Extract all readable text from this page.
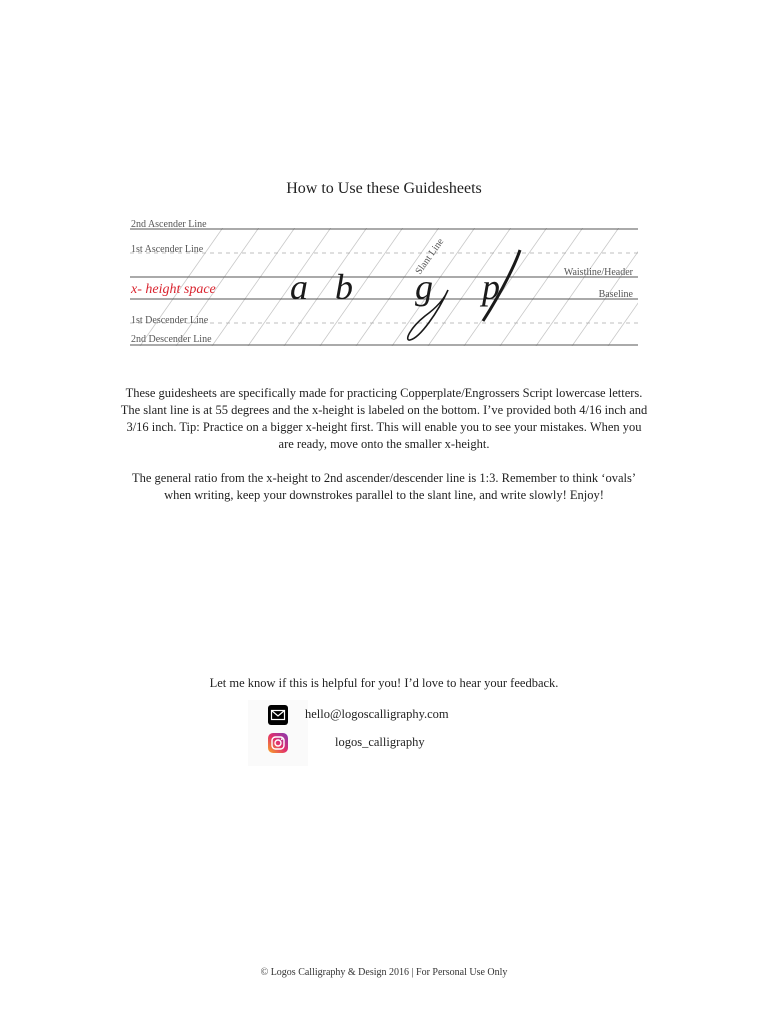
How to Use these Guidesheets
2nd Ascender Line
1st Ascender Line
x- height space
1st Descender Line
2nd Descender Line
Waistline/Header
Baseline
Slant Line
a b g p

These guidesheets are specifically made for practicing Copperplate/Engrossers Script lowercase letters. The slant line is at 55 degrees and the x-height is labeled on the bottom. I’ve provided both 4/16 inch and 3/16 inch. Tip: Practice on a bigger x-height first. This will enable you to see your mistakes. When you are ready, move onto the smaller x-height.

The general ratio from the x-height to 2nd ascender/descender line is 1:3. Remember to think ‘ovals’ when writing, keep your downstrokes parallel to the slant line, and write slowly! Enjoy!

Let me know if this is helpful for you! I’d love to hear your feedback.
hello@logoscalligraphy.com
logos_calligraphy
© Logos Calligraphy & Design 2016 | For Personal Use Only
